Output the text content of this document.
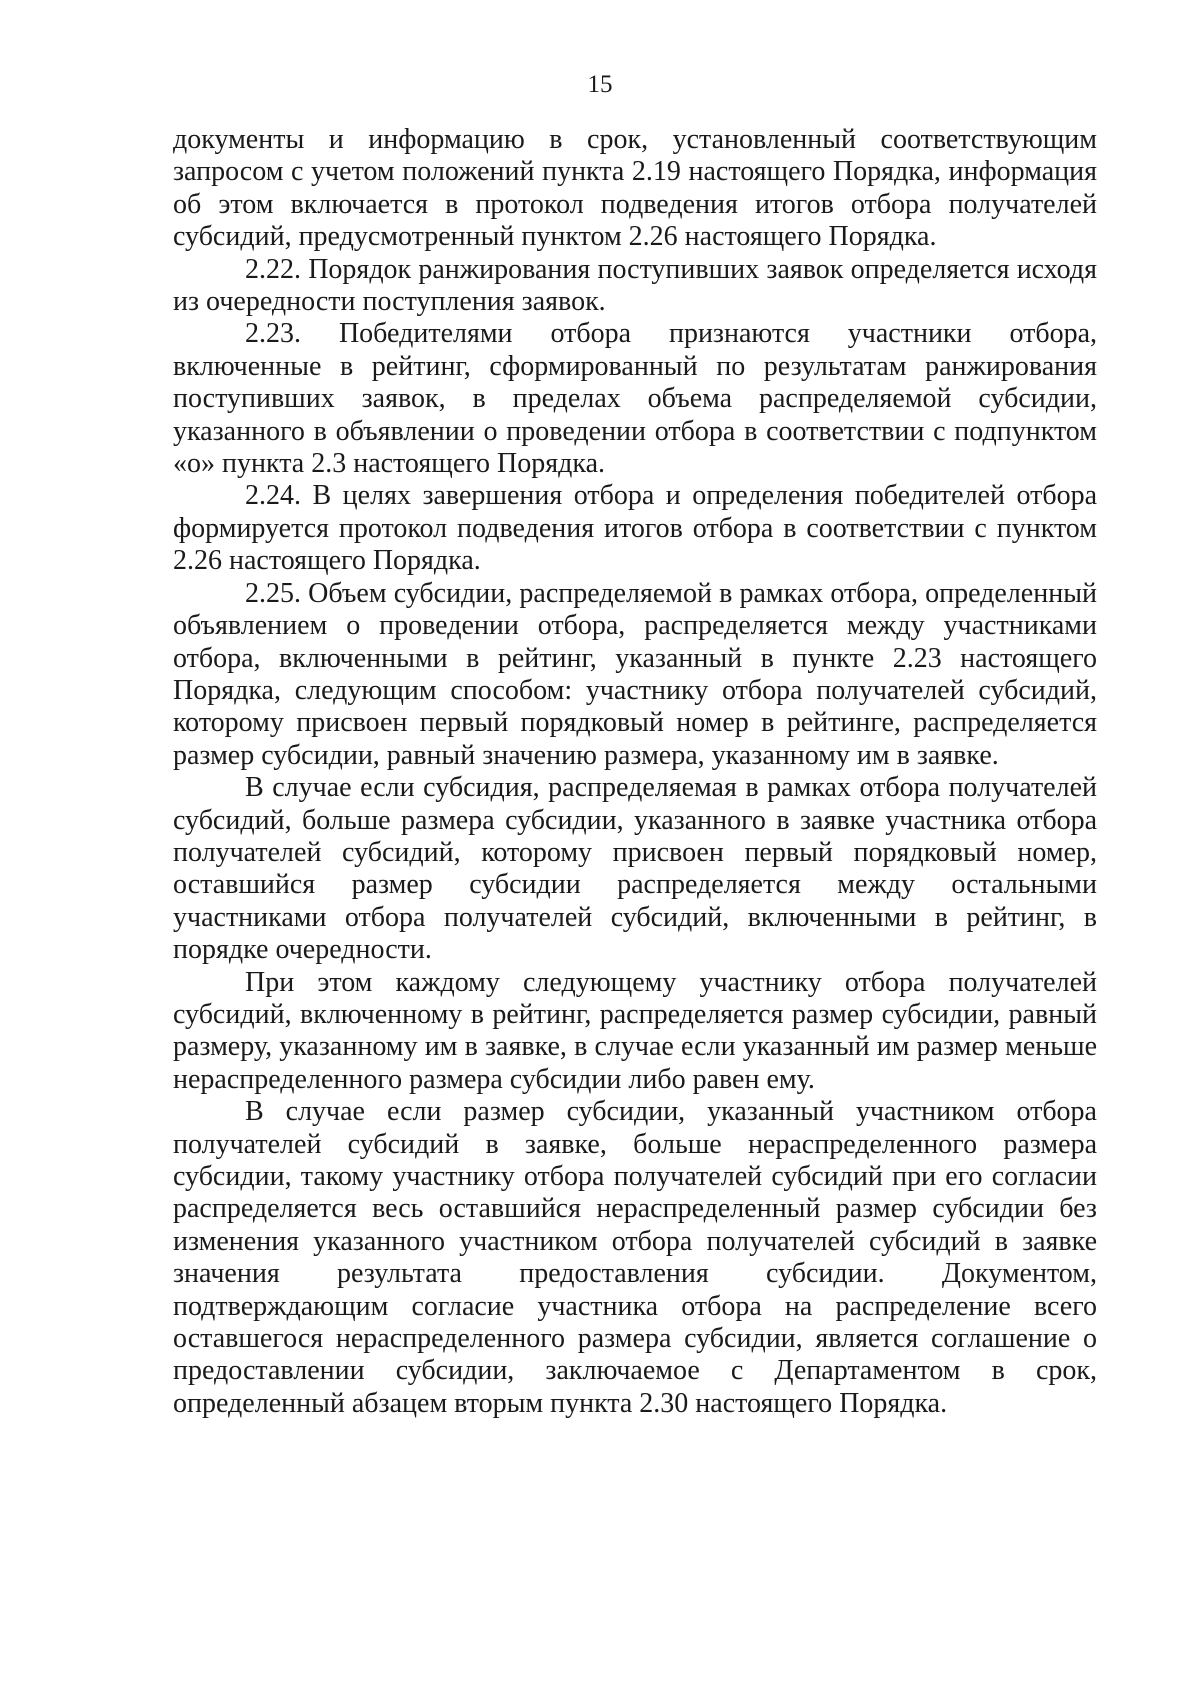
15

документы и информацию в срок, установленный соответствующим запросом с учетом положений пункта 2.19 настоящего Порядка, информация об этом включается в протокол подведения итогов отбора получателей субсидий, предусмотренный пунктом 2.26 настоящего Порядка.

2.22. Порядок ранжирования поступивших заявок определяется исходя из очередности поступления заявок.

2.23. Победителями отбора признаются участники отбора, включенные в рейтинг, сформированный по результатам ранжирования поступивших заявок, в пределах объема распределяемой субсидии, указанного в объявлении о проведении отбора в соответствии с подпунктом «о» пункта 2.3 настоящего Порядка.

2.24. В целях завершения отбора и определения победителей отбора формируется протокол подведения итогов отбора в соответствии с пунктом 2.26 настоящего Порядка.

2.25. Объем субсидии, распределяемой в рамках отбора, определенный объявлением о проведении отбора, распределяется между участниками отбора, включенными в рейтинг, указанный в пункте 2.23 настоящего Порядка, следующим способом: участнику отбора получателей субсидий, которому присвоен первый порядковый номер в рейтинге, распределяется размер субсидии, равный значению размера, указанному им в заявке.

В случае если субсидия, распределяемая в рамках отбора получателей субсидий, больше размера субсидии, указанного в заявке участника отбора получателей субсидий, которому присвоен первый порядковый номер, оставшийся размер субсидии распределяется между остальными участниками отбора получателей субсидий, включенными в рейтинг, в порядке очередности.

При этом каждому следующему участнику отбора получателей субсидий, включенному в рейтинг, распределяется размер субсидии, равный размеру, указанному им в заявке, в случае если указанный им размер меньше нераспределенного размера субсидии либо равен ему.

В случае если размер субсидии, указанный участником отбора получателей субсидий в заявке, больше нераспределенного размера субсидии, такому участнику отбора получателей субсидий при его согласии распределяется весь оставшийся нераспределенный размер субсидии без изменения указанного участником отбора получателей субсидий в заявке значения результата предоставления субсидии. Документом, подтверждающим согласие участника отбора на распределение всего оставшегося нераспределенного размера субсидии, является соглашение о предоставлении субсидии, заключаемое с Департаментом в срок, определенный абзацем вторым пункта 2.30 настоящего Порядка.
